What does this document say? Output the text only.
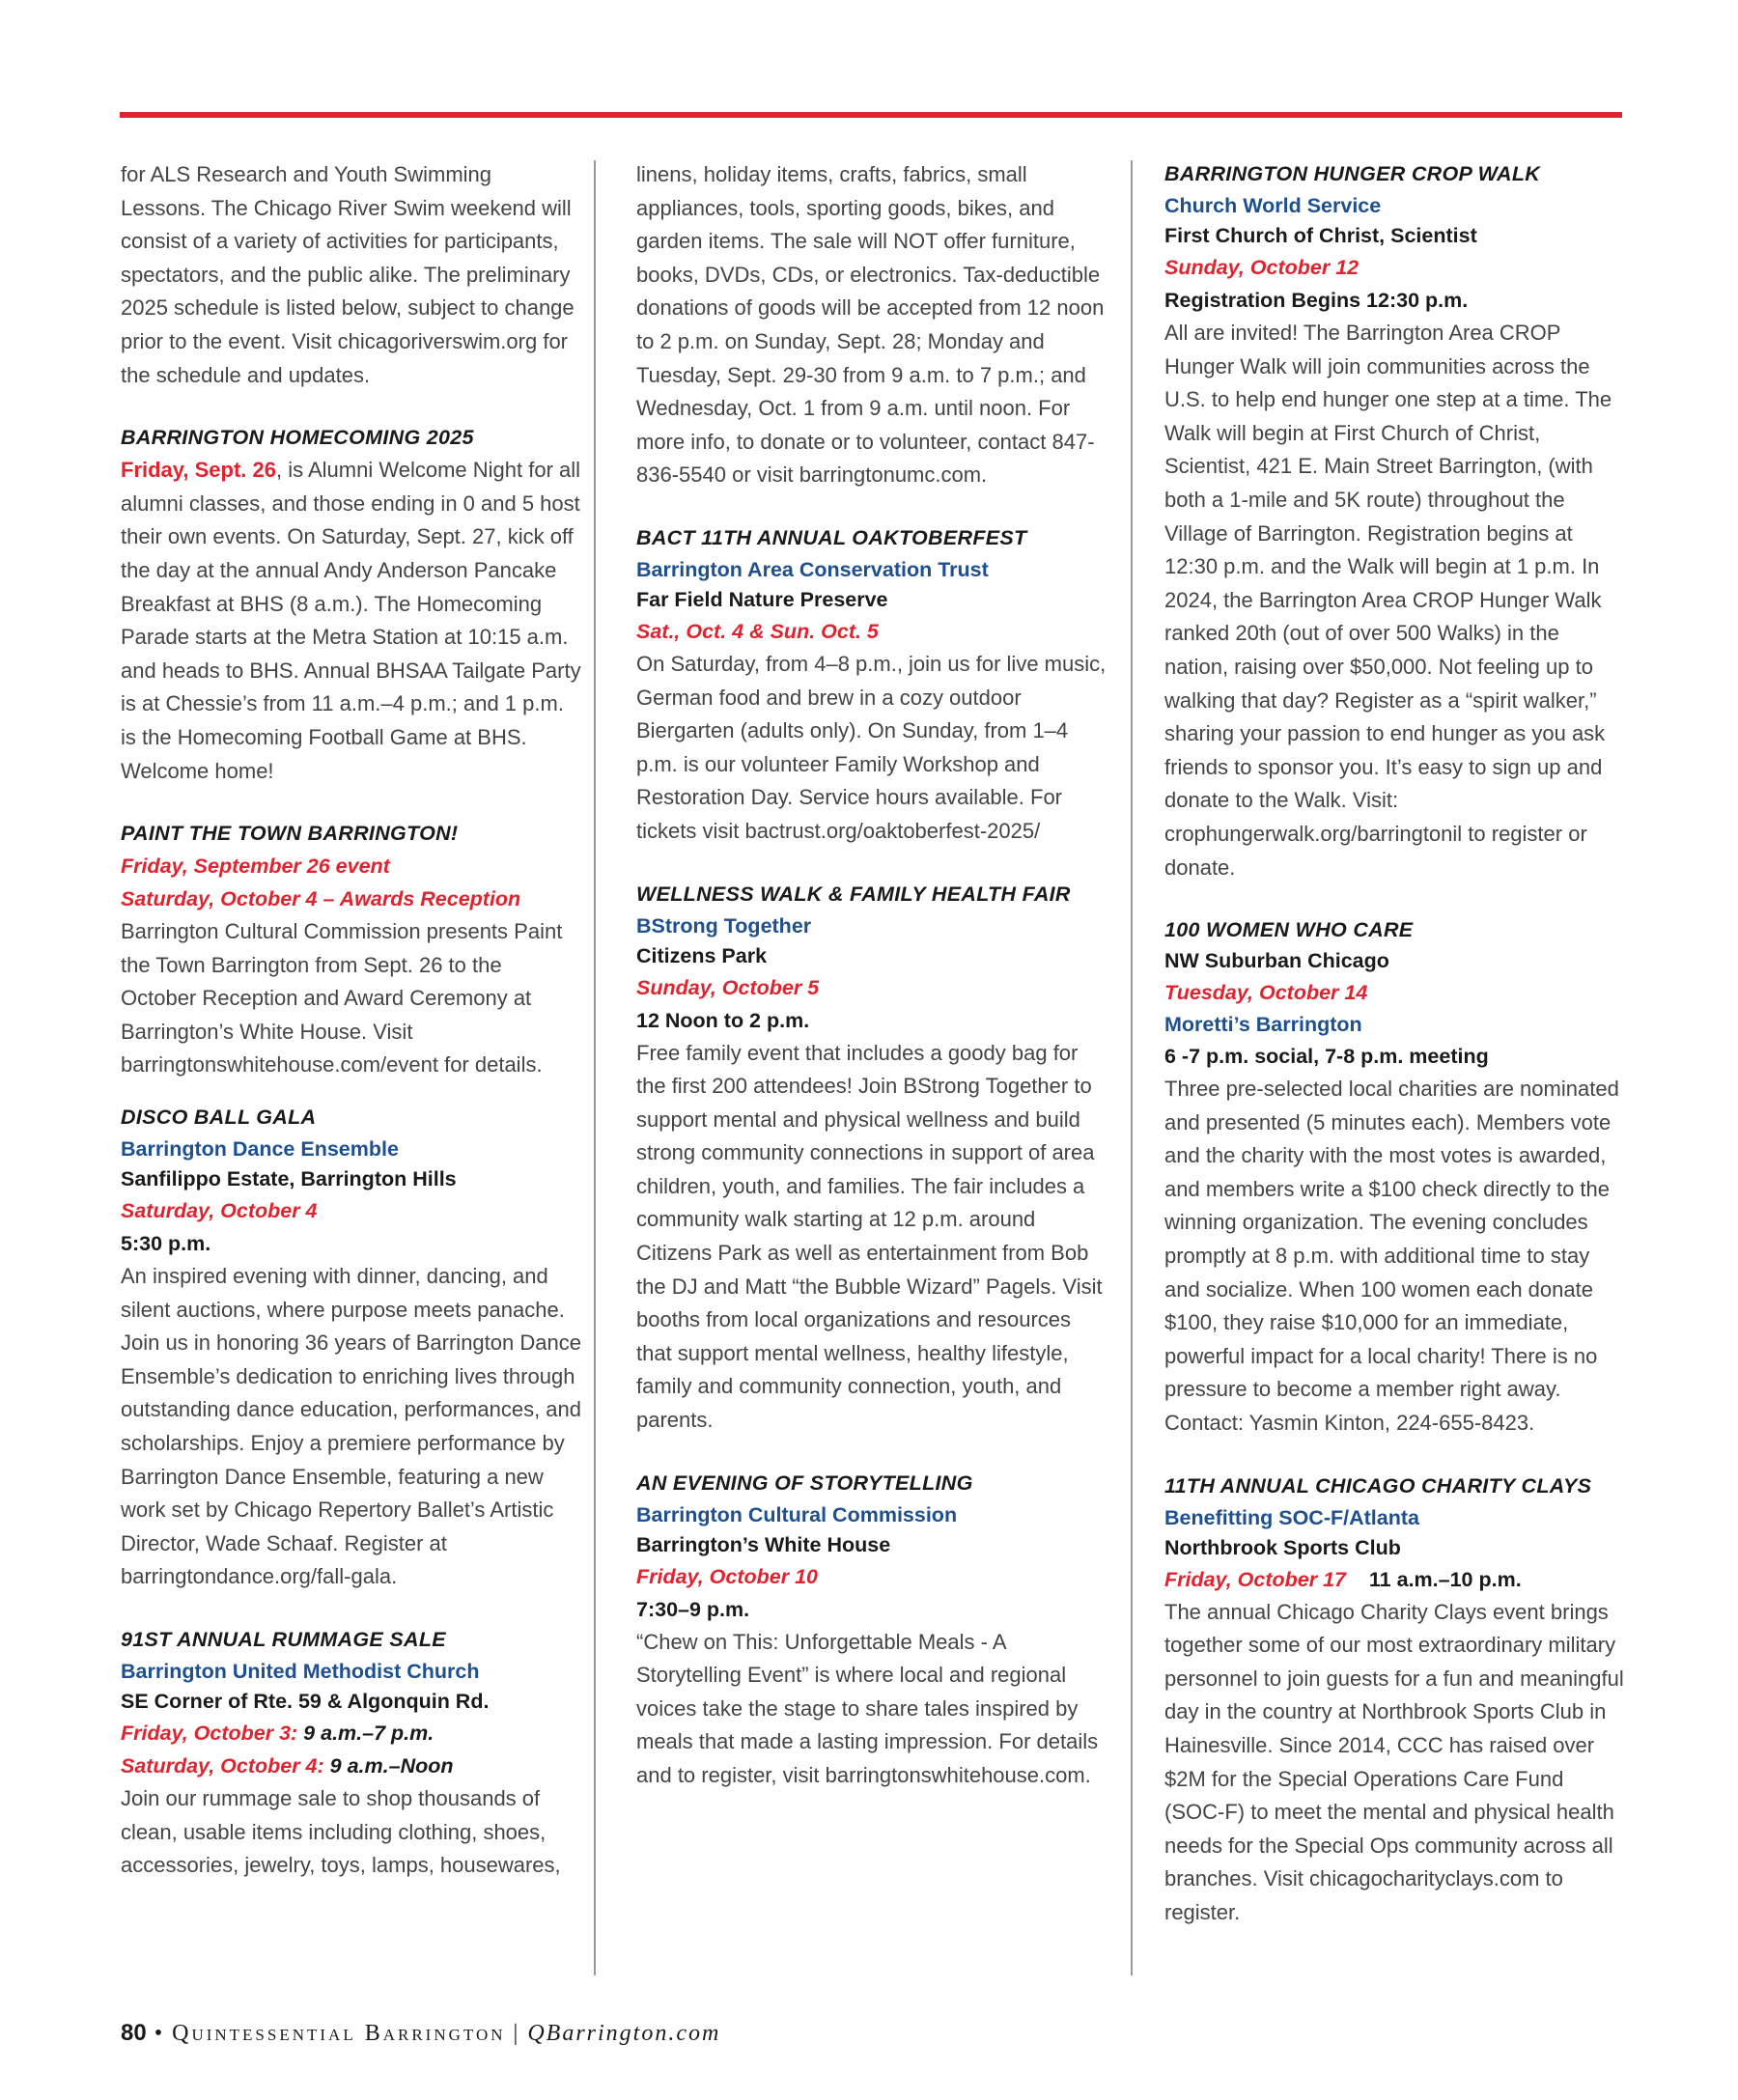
for ALS Research and Youth Swimming Lessons. The Chicago River Swim weekend will consist of a variety of activities for participants, spectators, and the public alike. The preliminary 2025 schedule is listed below, subject to change prior to the event. Visit chicagoriverswim.org for the schedule and updates.

BARRINGTON HOMECOMING 2025

Friday, Sept. 26, is Alumni Welcome Night for all alumni classes, and those ending in 0 and 5 host their own events. On Saturday, Sept. 27, kick off the day at the annual Andy Anderson Pancake Breakfast at BHS (8 a.m.). The Homecoming Parade starts at the Metra Station at 10:15 a.m. and heads to BHS. Annual BHSAA Tailgate Party is at Chessie’s from 11 a.m.–4 p.m.; and 1 p.m. is the Homecoming Football Game at BHS. Welcome home!

PAINT THE TOWN BARRINGTON!
Friday, September 26 event
Saturday, October 4 – Awards Reception

Barrington Cultural Commission presents Paint the Town Barrington from Sept. 26 to the October Reception and Award Ceremony at Barrington’s White House. Visit barringtonswhitehouse.com/event for details.

DISCO BALL GALA
Barrington Dance Ensemble
Sanfilippo Estate, Barrington Hills
Saturday, October 4
5:30 p.m.

An inspired evening with dinner, dancing, and silent auctions, where purpose meets panache. Join us in honoring 36 years of Barrington Dance Ensemble’s dedication to enriching lives through outstanding dance education, performances, and scholarships. Enjoy a premiere performance by Barrington Dance Ensemble, featuring a new work set by Chicago Repertory Ballet’s Artistic Director, Wade Schaaf. Register at barringtondance.org/fall-gala.

91ST ANNUAL RUMMAGE SALE
Barrington United Methodist Church
SE Corner of Rte. 59 & Algonquin Rd.
Friday, October 3: 9 a.m.–7 p.m.
Saturday, October 4: 9 a.m.–Noon

Join our rummage sale to shop thousands of clean, usable items including clothing, shoes, accessories, jewelry, toys, lamps, housewares,

linens, holiday items, crafts, fabrics, small appliances, tools, sporting goods, bikes, and garden items. The sale will NOT offer furniture, books, DVDs, CDs, or electronics. Tax-deductible donations of goods will be accepted from 12 noon to 2 p.m. on Sunday, Sept. 28; Monday and Tuesday, Sept. 29-30 from 9 a.m. to 7 p.m.; and Wednesday, Oct. 1 from 9 a.m. until noon. For more info, to donate or to volunteer, contact 847-836-5540 or visit barringtonumc.com.

BACT 11TH ANNUAL OAKTOBERFEST
Barrington Area Conservation Trust
Far Field Nature Preserve
Sat., Oct. 4 & Sun. Oct. 5

On Saturday, from 4–8 p.m., join us for live music, German food and brew in a cozy outdoor Biergarten (adults only). On Sunday, from 1–4 p.m. is our volunteer Family Workshop and Restoration Day. Service hours available. For tickets visit bactrust.org/oaktoberfest-2025/

WELLNESS WALK & FAMILY HEALTH FAIR
BStrong Together
Citizens Park
Sunday, October 5
12 Noon to 2 p.m.

Free family event that includes a goody bag for the first 200 attendees! Join BStrong Together to support mental and physical wellness and build strong community connections in support of area children, youth, and families. The fair includes a community walk starting at 12 p.m. around Citizens Park as well as entertainment from Bob the DJ and Matt “the Bubble Wizard” Pagels. Visit booths from local organizations and resources that support mental wellness, healthy lifestyle, family and community connection, youth, and parents.

AN EVENING OF STORYTELLING
Barrington Cultural Commission
Barrington’s White House
Friday, October 10
7:30–9 p.m.

“Chew on This: Unforgettable Meals - A Storytelling Event” is where local and regional voices take the stage to share tales inspired by meals that made a lasting impression. For details and to register, visit barringtonswhitehouse.com.

BARRINGTON HUNGER CROP WALK
Church World Service
First Church of Christ, Scientist
Sunday, October 12
Registration Begins 12:30 p.m.

All are invited! The Barrington Area CROP Hunger Walk will join communities across the U.S. to help end hunger one step at a time. The Walk will begin at First Church of Christ, Scientist, 421 E. Main Street Barrington, (with both a 1-mile and 5K route) throughout the Village of Barrington. Registration begins at 12:30 p.m. and the Walk will begin at 1 p.m. In 2024, the Barrington Area CROP Hunger Walk ranked 20th (out of over 500 Walks) in the nation, raising over $50,000. Not feeling up to walking that day? Register as a “spirit walker,” sharing your passion to end hunger as you ask friends to sponsor you. It’s easy to sign up and donate to the Walk. Visit: crophungerwalk.org/barringtonil to register or donate.

100 WOMEN WHO CARE
NW Suburban Chicago
Tuesday, October 14
Moretti’s Barrington
6 -7 p.m. social, 7-8 p.m. meeting

Three pre-selected local charities are nominated and presented (5 minutes each). Members vote and the charity with the most votes is awarded, and members write a $100 check directly to the winning organization. The evening concludes promptly at 8 p.m. with additional time to stay and socialize. When 100 women each donate $100, they raise $10,000 for an immediate, powerful impact for a local charity! There is no pressure to become a member right away. Contact: Yasmin Kinton, 224-655-8423.

11TH ANNUAL CHICAGO CHARITY CLAYS
Benefitting SOC-F/Atlanta
Northbrook Sports Club
Friday, October 17 11 a.m.–10 p.m.

The annual Chicago Charity Clays event brings together some of our most extraordinary military personnel to join guests for a fun and meaningful day in the country at Northbrook Sports Club in Hainesville. Since 2014, CCC has raised over $2M for the Special Operations Care Fund (SOC-F) to meet the mental and physical health needs for the Special Ops community across all branches. Visit chicagocharityclays.com to register.

80 • Quintessential Barrington | QBarrington.com
